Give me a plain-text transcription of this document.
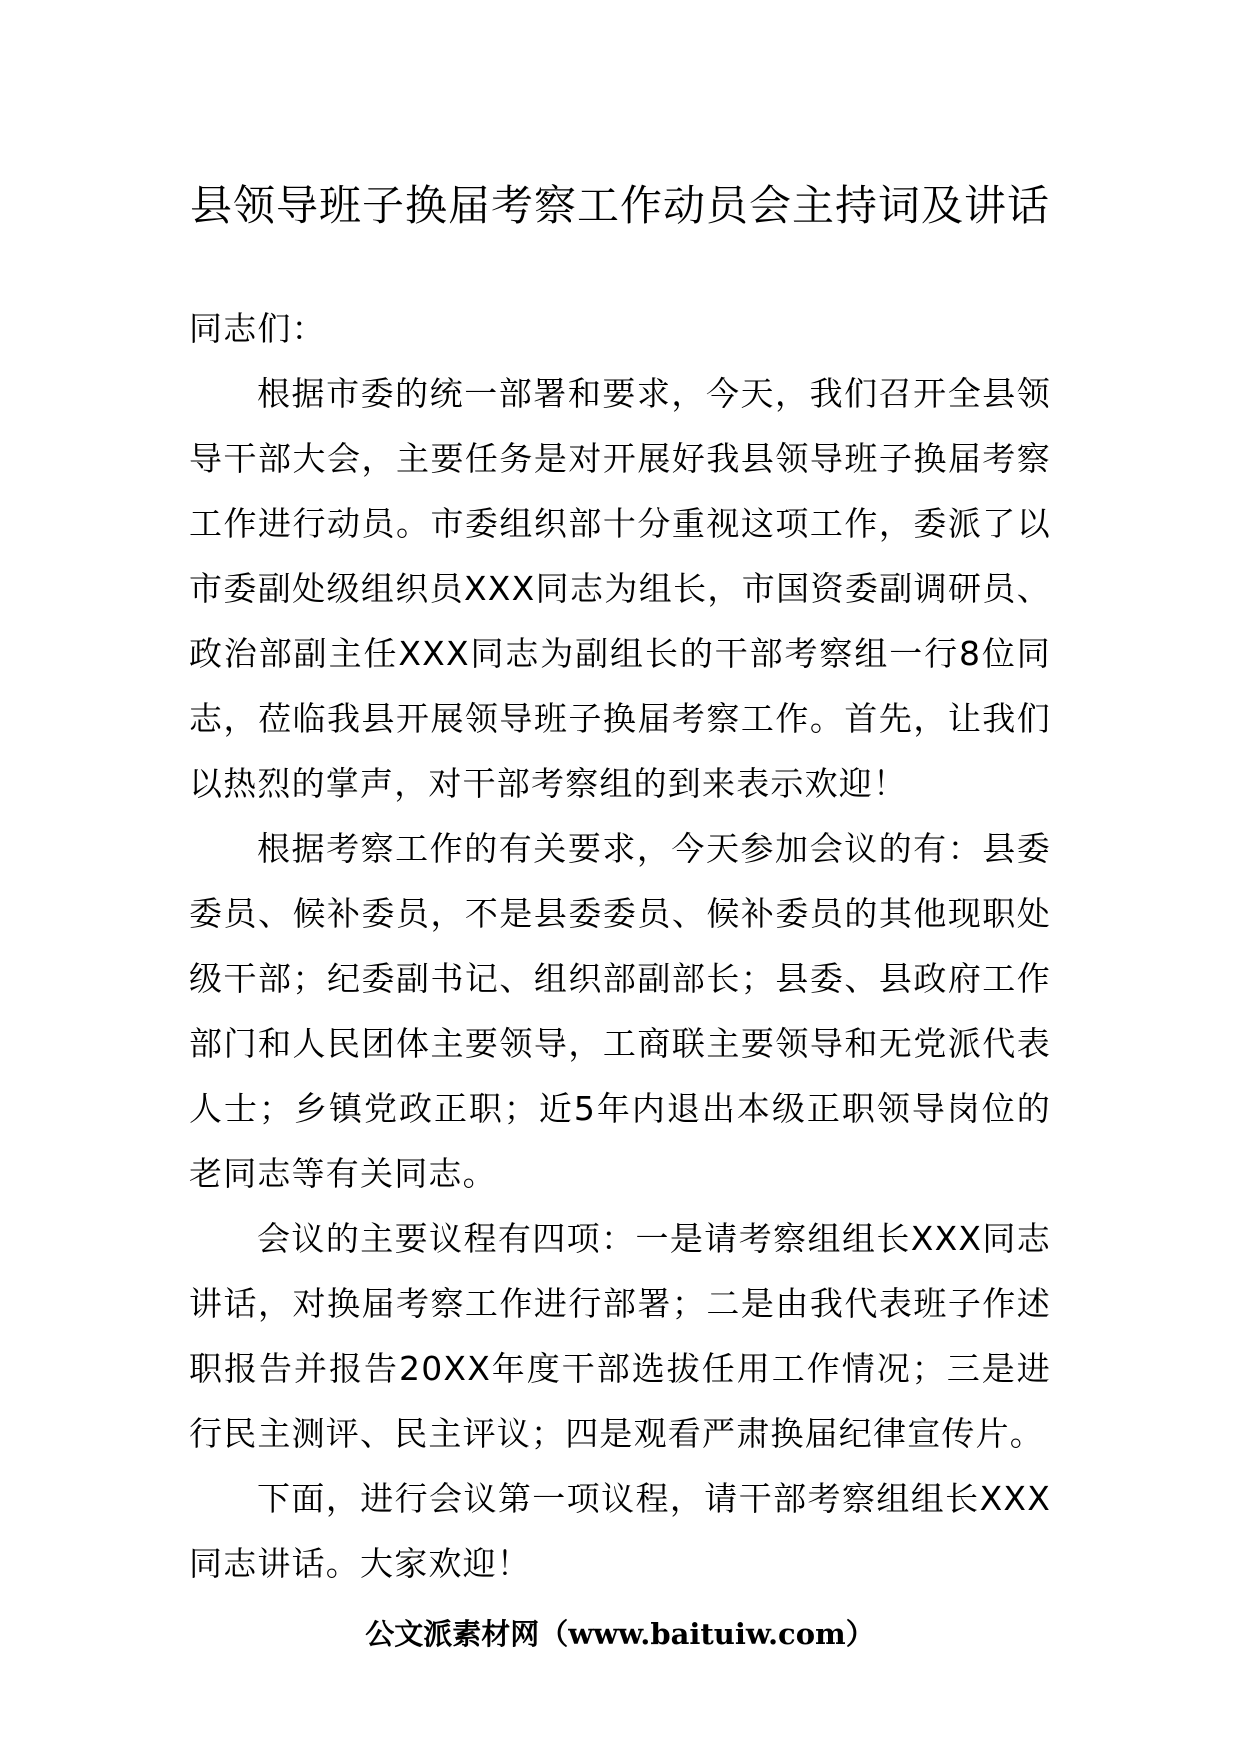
县领导班子换届考察工作动员会主持词及讲话

同志们：

根据市委的统一部署和要求，今天，我们召开全县领导干部大会，主要任务是对开展好我县领导班子换届考察工作进行动员。市委组织部十分重视这项工作，委派了以市委副处级组织员XXX同志为组长，市国资委副调研员、政治部副主任XXX同志为副组长的干部考察组一行8位同志，莅临我县开展领导班子换届考察工作。首先，让我们以热烈的掌声，对干部考察组的到来表示欢迎！

根据考察工作的有关要求，今天参加会议的有：县委委员、候补委员，不是县委委员、候补委员的其他现职处级干部；纪委副书记、组织部副部长；县委、县政府工作部门和人民团体主要领导，工商联主要领导和无党派代表人士；乡镇党政正职；近5年内退出本级正职领导岗位的老同志等有关同志。

会议的主要议程有四项：一是请考察组组长XXX同志讲话，对换届考察工作进行部署；二是由我代表班子作述职报告并报告20XX年度干部选拔任用工作情况；三是进行民主测评、民主评议；四是观看严肃换届纪律宣传片。

下面，进行会议第一项议程，请干部考察组组长XXX同志讲话。大家欢迎！

公文派素材网（www.baituiw.com）
